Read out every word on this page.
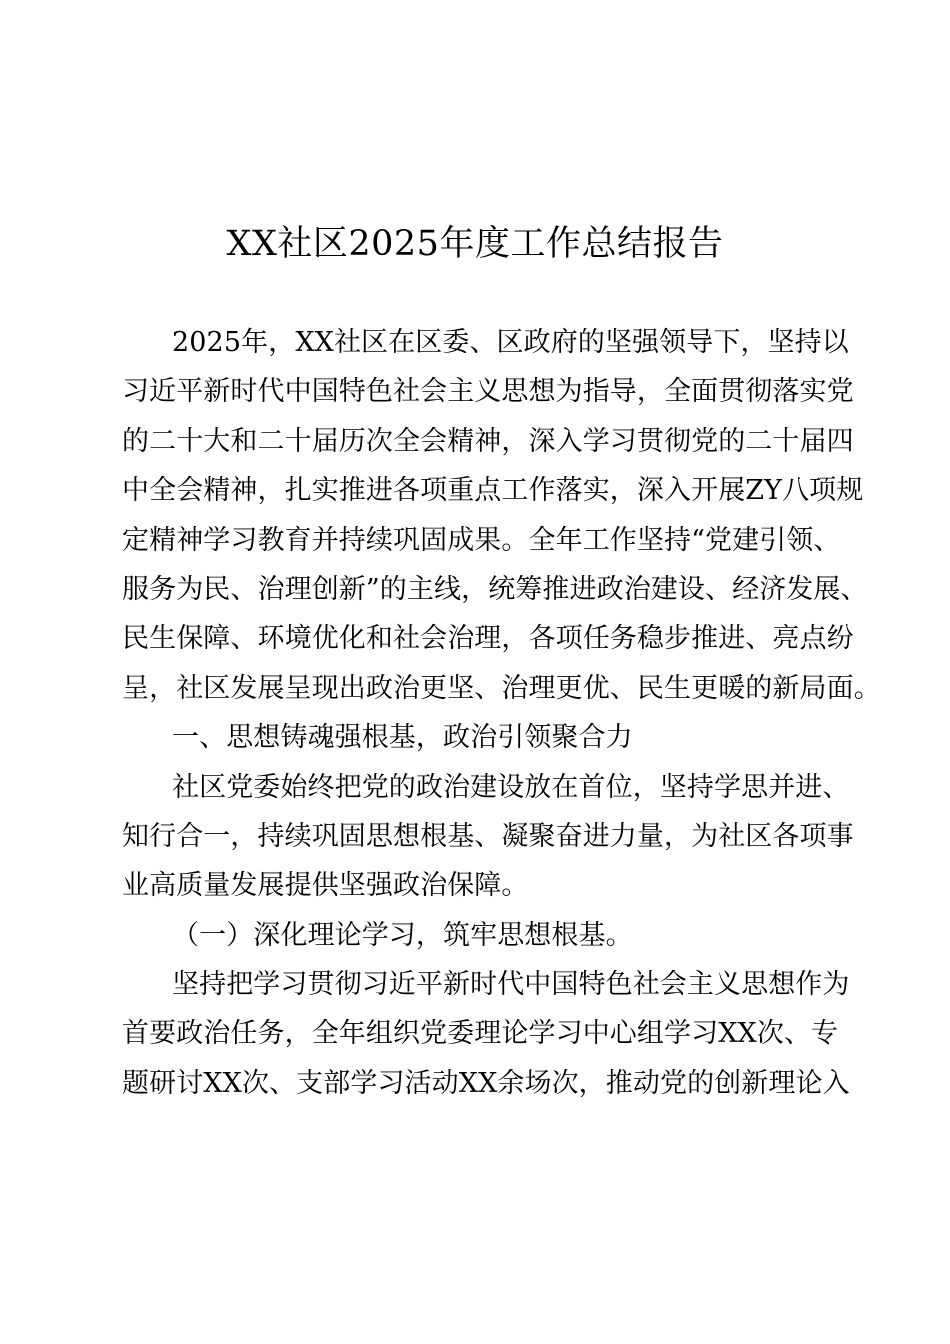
XX社区2025年度工作总结报告
2025年，XX社区在区委、区政府的坚强领导下，坚持以
习近平新时代中国特色社会主义思想为指导，全面贯彻落实党
的二十大和二十届历次全会精神，深入学习贯彻党的二十届四
中全会精神，扎实推进各项重点工作落实，深入开展ZY八项规
定精神学习教育并持续巩固成果。全年工作坚持“党建引领、
服务为民、治理创新”的主线，统筹推进政治建设、经济发展、
民生保障、环境优化和社会治理，各项任务稳步推进、亮点纷
呈，社区发展呈现出政治更坚、治理更优、民生更暖的新局面。
一、思想铸魂强根基，政治引领聚合力
社区党委始终把党的政治建设放在首位，坚持学思并进、
知行合一，持续巩固思想根基、凝聚奋进力量，为社区各项事
业高质量发展提供坚强政治保障。
（一）深化理论学习，筑牢思想根基。
坚持把学习贯彻习近平新时代中国特色社会主义思想作为
首要政治任务，全年组织党委理论学习中心组学习XX次、专
题研讨XX次、支部学习活动XX余场次，推动党的创新理论入
